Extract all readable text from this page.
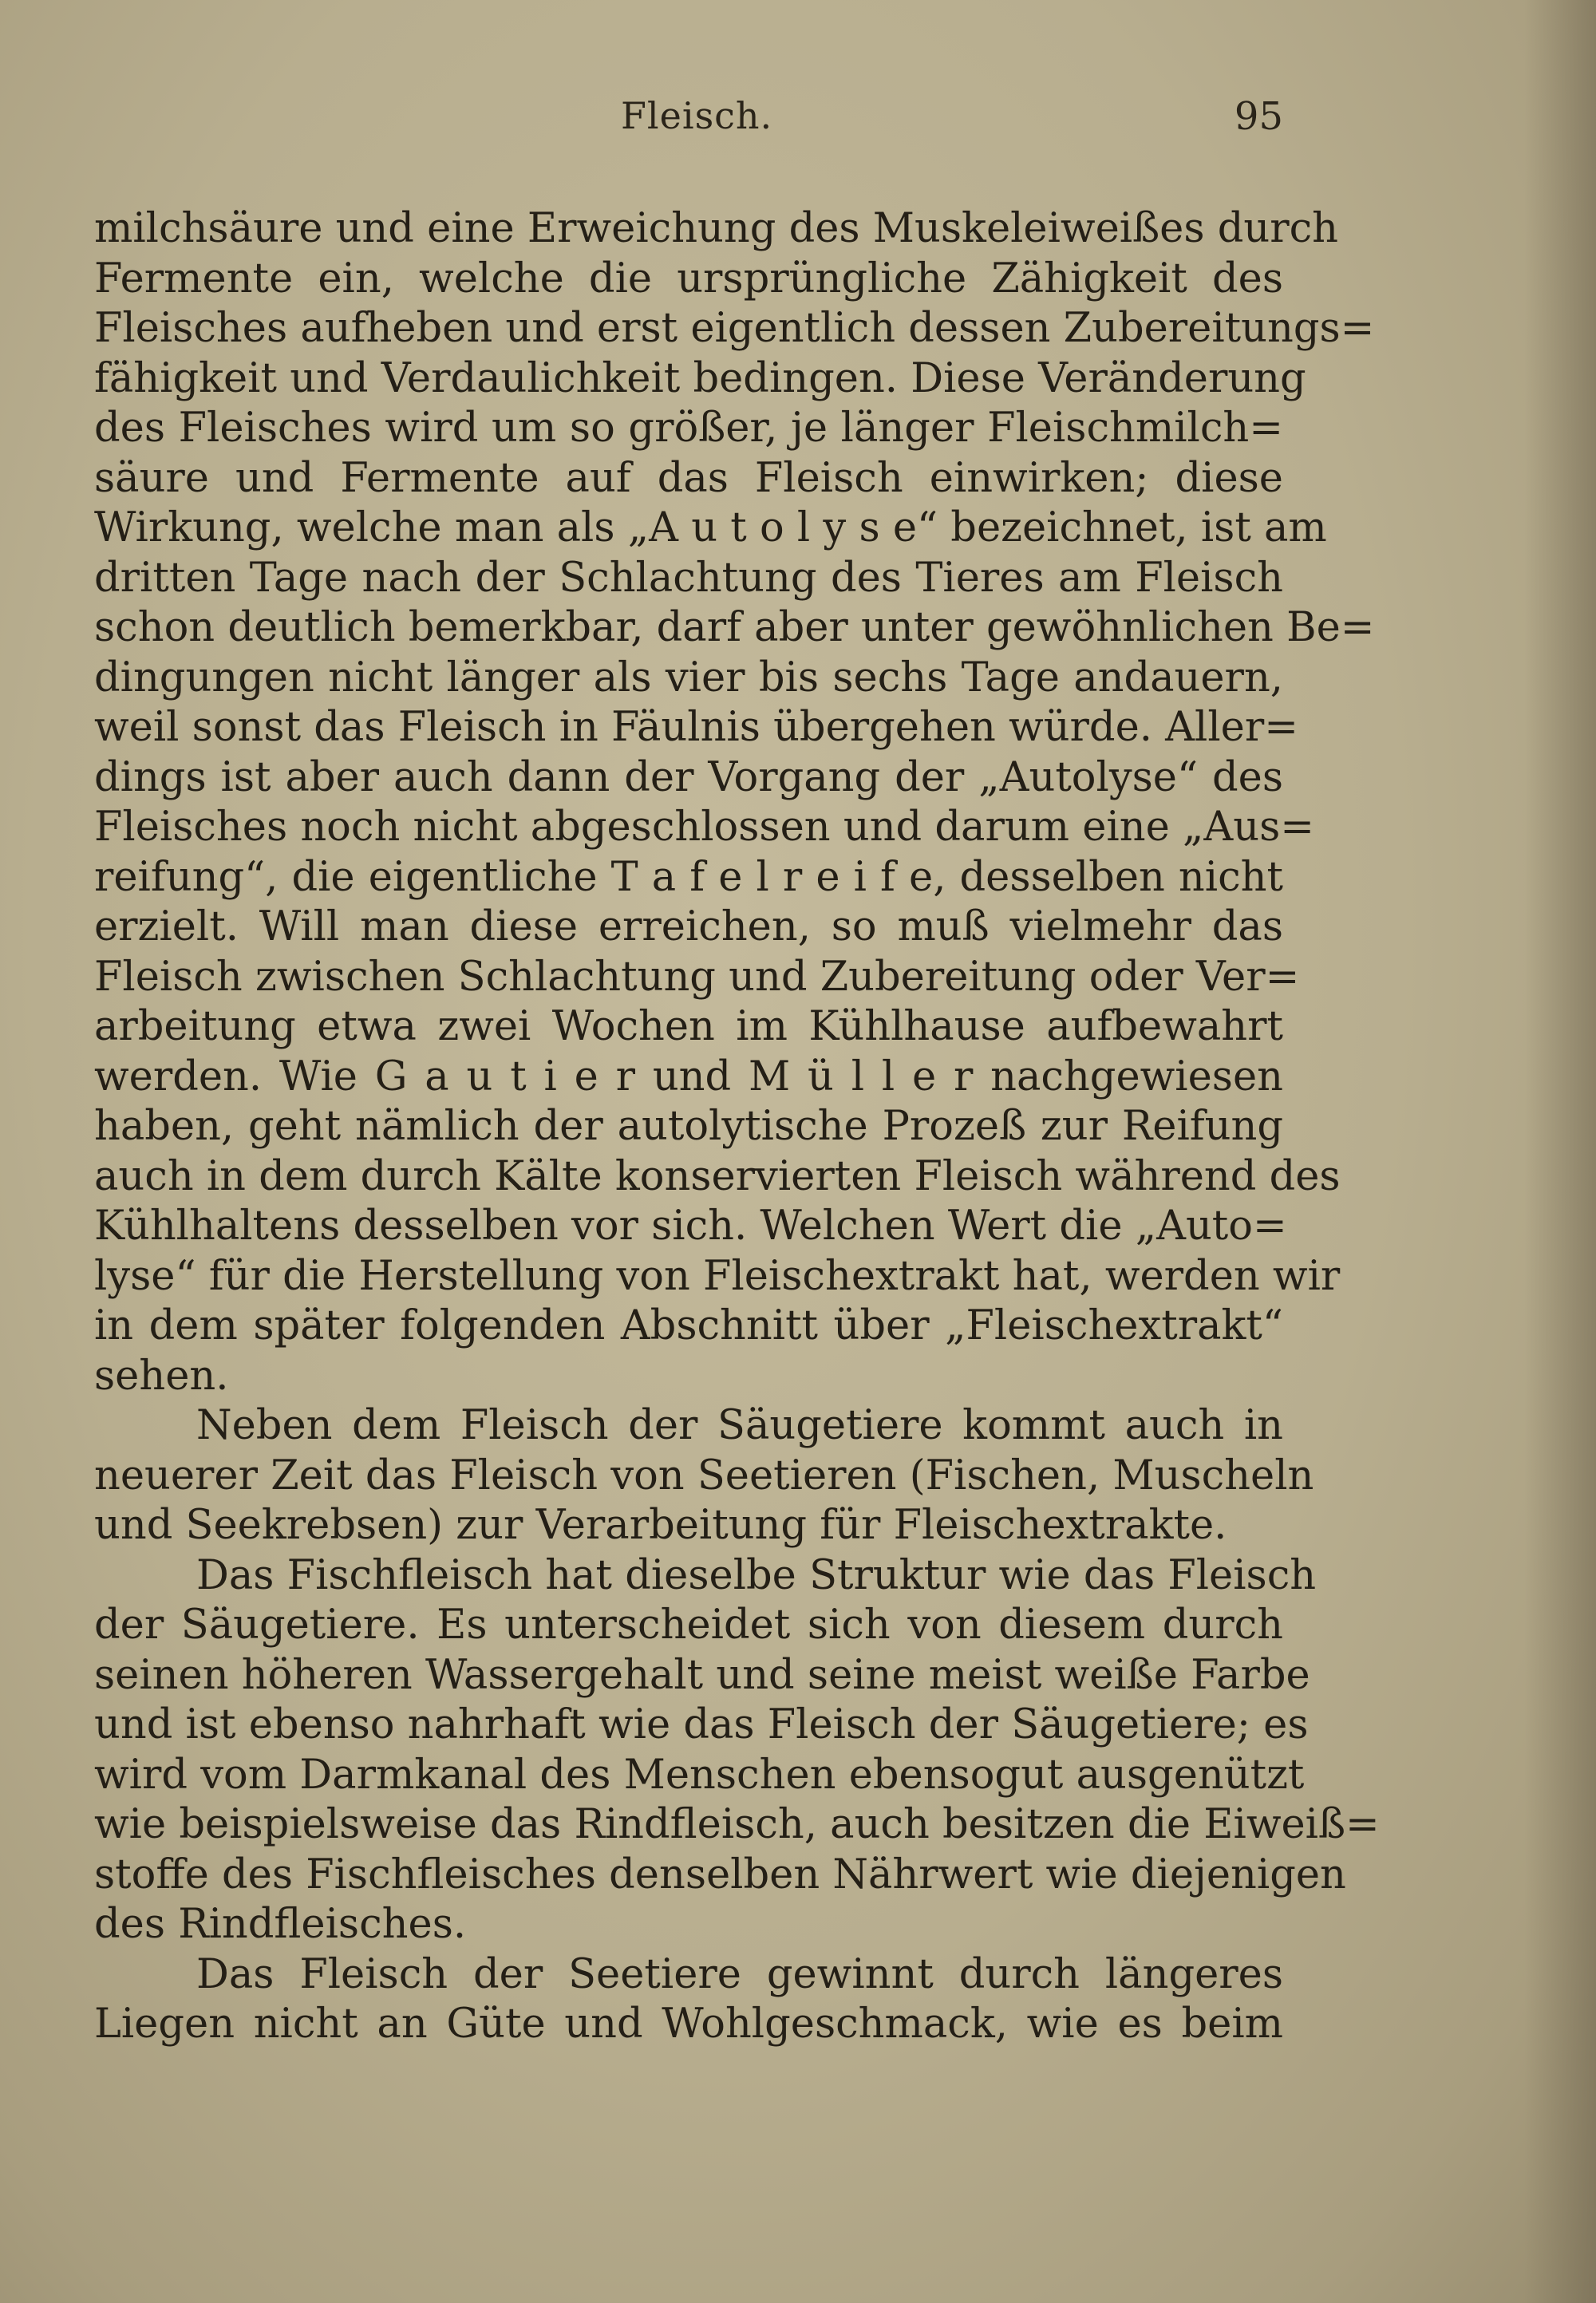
Fleisch.	95
milchsäure und eine Erweichung des Muskeleiweißes durch
Fermente ein, welche die ursprüngliche Zähigkeit des
Fleisches aufheben und erst eigentlich dessen Zubereitungs=
fähigkeit und Verdaulichkeit bedingen. Diese Veränderung
des Fleisches wird um so größer, je länger Fleischmilch=
säure und Fermente auf das Fleisch einwirken; diese
Wirkung, welche man als „A u t o l y s e“ bezeichnet, ist am
dritten Tage nach der Schlachtung des Tieres am Fleisch
schon deutlich bemerkbar, darf aber unter gewöhnlichen Be=
dingungen nicht länger als vier bis sechs Tage andauern,
weil sonst das Fleisch in Fäulnis übergehen würde. Aller=
dings ist aber auch dann der Vorgang der „Autolyse“ des
Fleisches noch nicht abgeschlossen und darum eine „Aus=
reifung“, die eigentliche T a f e l r e i f e, desselben nicht
erzielt. Will man diese erreichen, so muß vielmehr das
Fleisch zwischen Schlachtung und Zubereitung oder Ver=
arbeitung etwa zwei Wochen im Kühlhause aufbewahrt
werden. Wie G a u t i e r und M ü l l e r nachgewiesen
haben, geht nämlich der autolytische Prozeß zur Reifung
auch in dem durch Kälte konservierten Fleisch während des
Kühlhaltens desselben vor sich. Welchen Wert die „Auto=
lyse“ für die Herstellung von Fleischextrakt hat, werden wir
in dem später folgenden Abschnitt über „Fleischextrakt“
sehen.
Neben dem Fleisch der Säugetiere kommt auch in
neuerer Zeit das Fleisch von Seetieren (Fischen, Muscheln
und Seekrebsen) zur Verarbeitung für Fleischextrakte.
Das Fischfleisch hat dieselbe Struktur wie das Fleisch
der Säugetiere. Es unterscheidet sich von diesem durch
seinen höheren Wassergehalt und seine meist weiße Farbe
und ist ebenso nahrhaft wie das Fleisch der Säugetiere; es
wird vom Darmkanal des Menschen ebensogut ausgenützt
wie beispielsweise das Rindfleisch, auch besitzen die Eiweiß=
stoffe des Fischfleisches denselben Nährwert wie diejenigen
des Rindfleisches.
Das Fleisch der Seetiere gewinnt durch längeres
Liegen nicht an Güte und Wohlgeschmack, wie es beim
